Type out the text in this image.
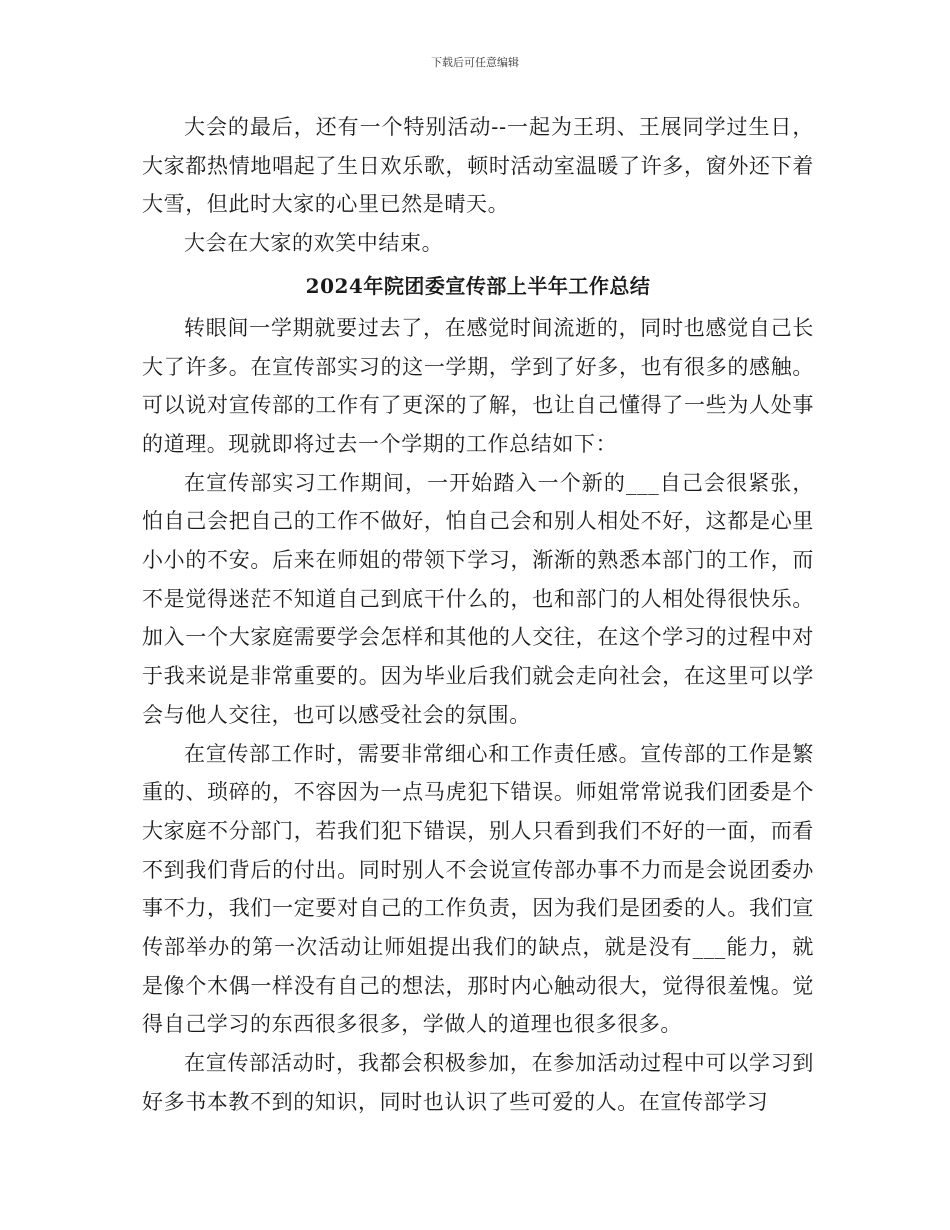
下载后可任意编辑

大会的最后，还有一个特别活动--一起为王玥、王展同学过生日，大家都热情地唱起了生日欢乐歌，顿时活动室温暖了许多，窗外还下着大雪，但此时大家的心里已然是晴天。

大会在大家的欢笑中结束。

2024年院团委宣传部上半年工作总结

转眼间一学期就要过去了，在感觉时间流逝的，同时也感觉自己长大了许多。在宣传部实习的这一学期，学到了好多，也有很多的感触。可以说对宣传部的工作有了更深的了解，也让自己懂得了一些为人处事的道理。现就即将过去一个学期的工作总结如下：

在宣传部实习工作期间，一开始踏入一个新的___自己会很紧张，怕自己会把自己的工作不做好，怕自己会和别人相处不好，这都是心里小小的不安。后来在师姐的带领下学习，渐渐的熟悉本部门的工作，而不是觉得迷茫不知道自己到底干什么的，也和部门的人相处得很快乐。加入一个大家庭需要学会怎样和其他的人交往，在这个学习的过程中对于我来说是非常重要的。因为毕业后我们就会走向社会，在这里可以学会与他人交往，也可以感受社会的氛围。

在宣传部工作时，需要非常细心和工作责任感。宣传部的工作是繁重的、琐碎的，不容因为一点马虎犯下错误。师姐常常说我们团委是个大家庭不分部门，若我们犯下错误，别人只看到我们不好的一面，而看不到我们背后的付出。同时别人不会说宣传部办事不力而是会说团委办事不力，我们一定要对自己的工作负责，因为我们是团委的人。我们宣传部举办的第一次活动让师姐提出我们的缺点，就是没有___能力，就是像个木偶一样没有自己的想法，那时内心触动很大，觉得很羞愧。觉得自己学习的东西很多很多，学做人的道理也很多很多。

在宣传部活动时，我都会积极参加，在参加活动过程中可以学习到好多书本教不到的知识，同时也认识了些可爱的人。在宣传部学习
